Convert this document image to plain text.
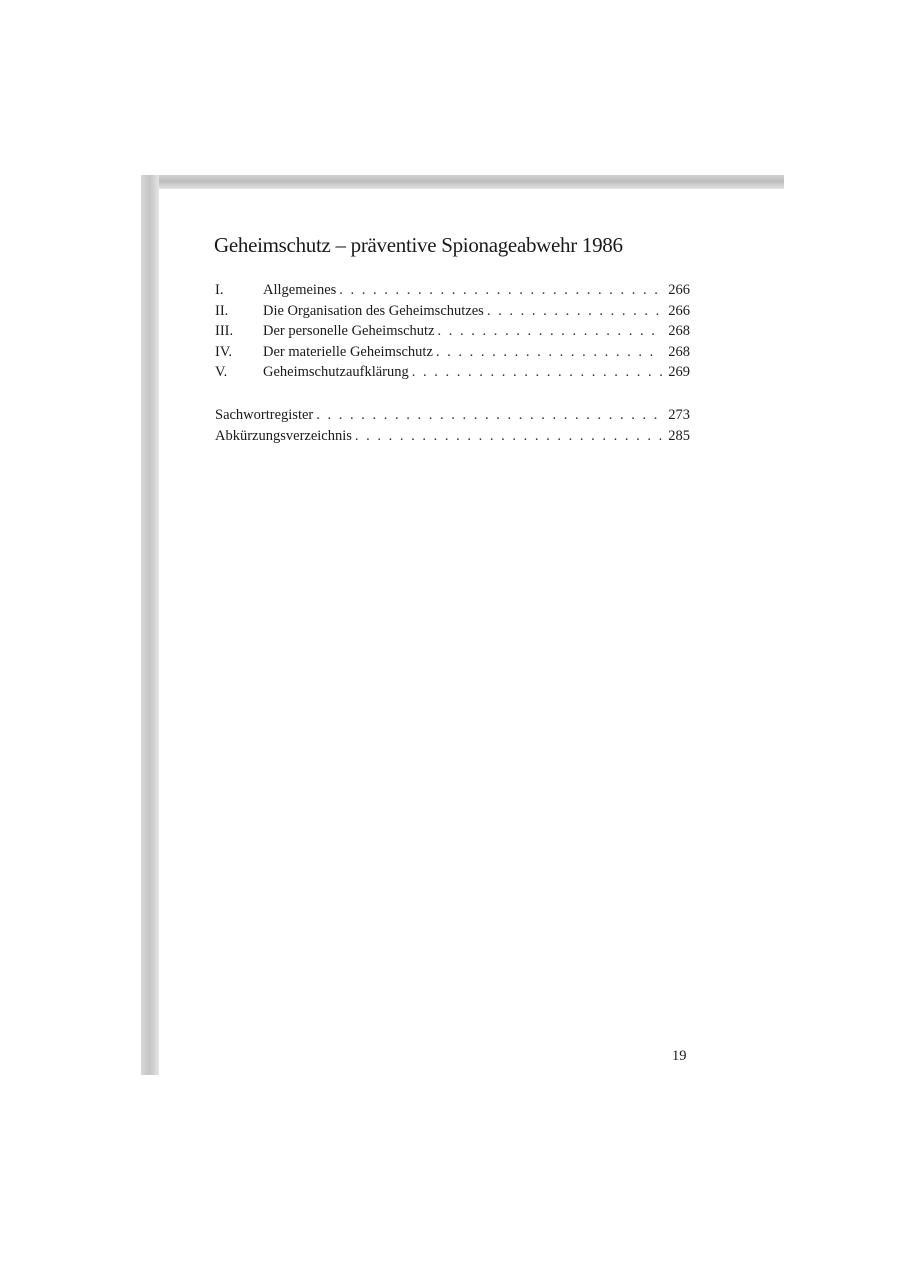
Geheimschutz – präventive Spionageabwehr 1986
I.	Allgemeines . . .	266
II.	Die Organisation des Geheimschutzes . . .	266
III.	Der personelle Geheimschutz . . .	268
IV.	Der materielle Geheimschutz . . .	268
V.	Geheimschutzaufklärung . . .	269
Sachwortregister . . .	273
Abkürzungsverzeichnis . . .	285
19
